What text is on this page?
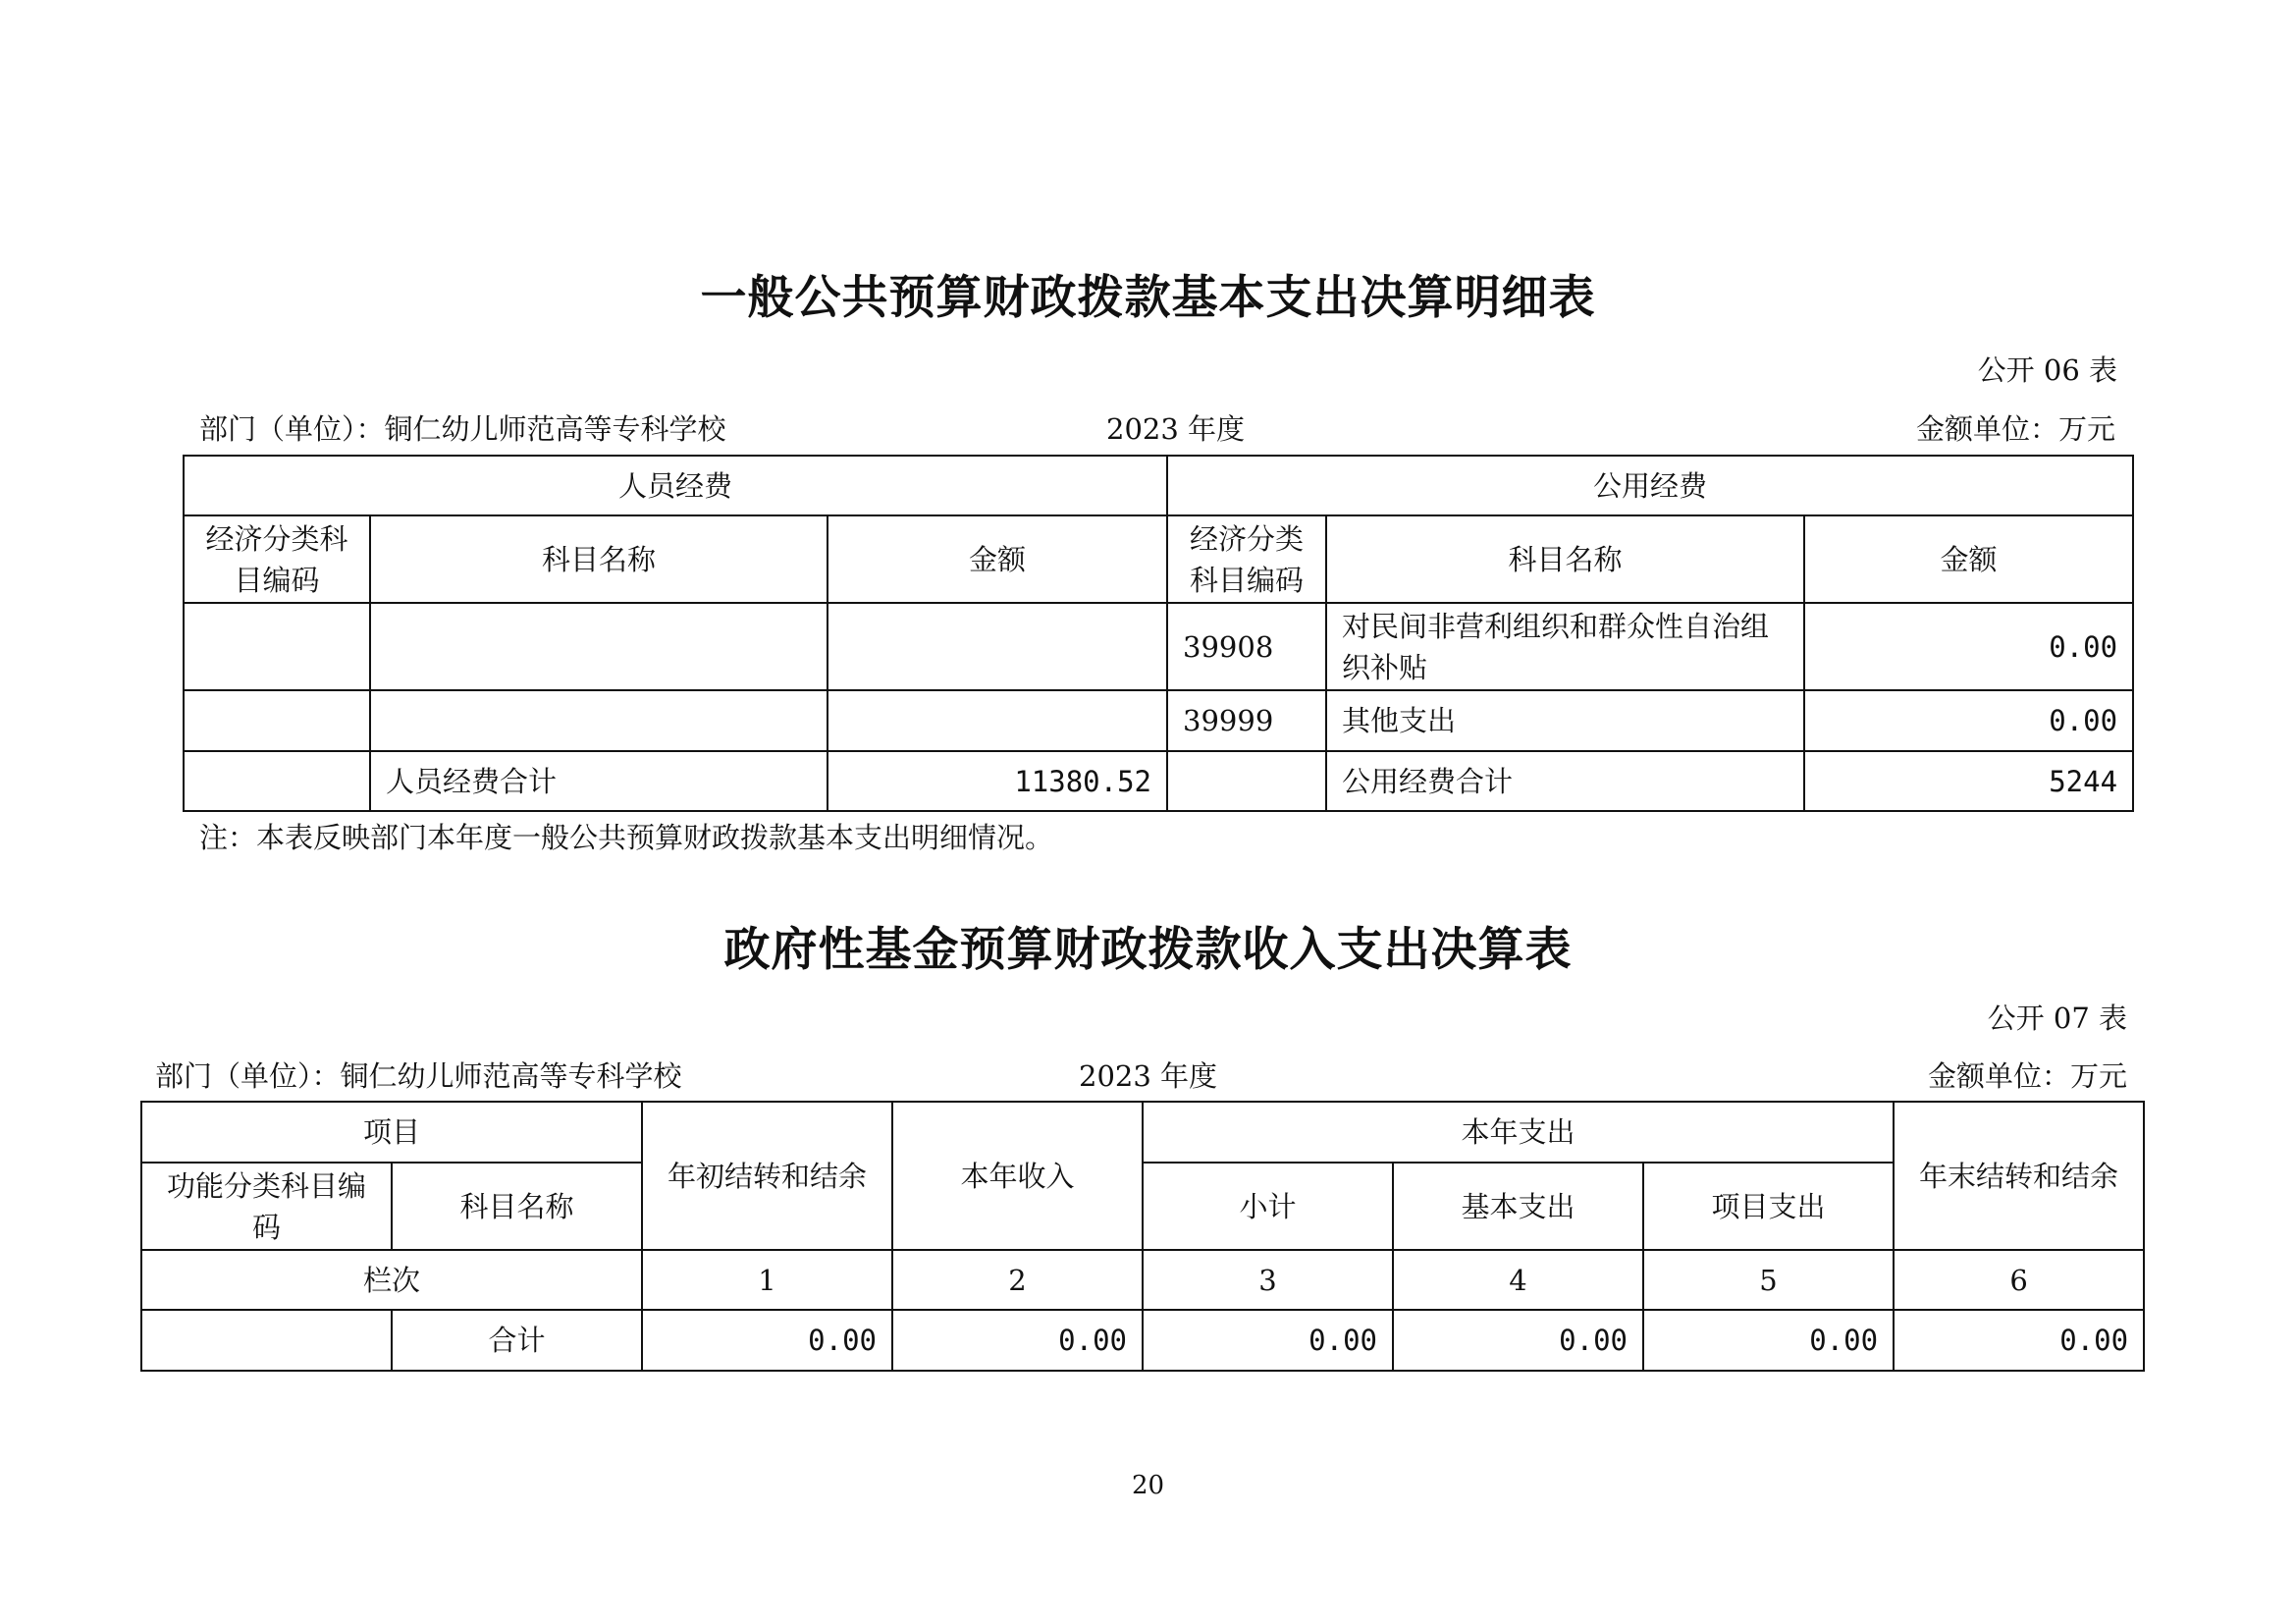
一般公共预算财政拨款基本支出决算明细表
公开 06 表
部门（单位）：铜仁幼儿师范高等专科学校	2023 年度	金额单位：万元
人员经费			公用经费		
经济分类科目编码	科目名称	金额	经济分类科目编码	科目名称	金额
			39908	对民间非营利组织和群众性自治组织补贴	0.00
			39999	其他支出	0.00
	人员经费合计	11380.52		公用经费合计	5244
注：本表反映部门本年度一般公共预算财政拨款基本支出明细情况。
政府性基金预算财政拨款收入支出决算表
公开 07 表
部门（单位）：铜仁幼儿师范高等专科学校	2023 年度	金额单位：万元
项目		年初结转和结余	本年收入	本年支出			年末结转和结余
功能分类科目编码	科目名称			小计	基本支出	项目支出	
栏次		1	2	3	4	5	6
	合计	0.00	0.00	0.00	0.00	0.00	0.00
20
